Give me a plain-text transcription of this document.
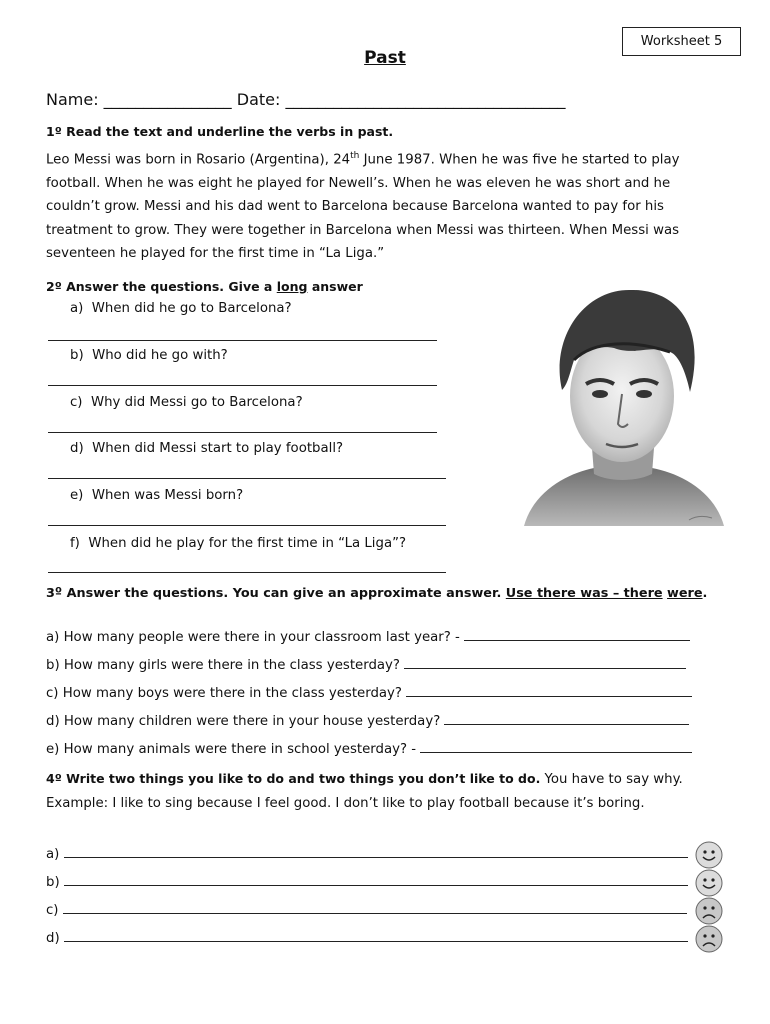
Worksheet 5
Past
Name: ________________ Date: ___________________________________
1º Read the text and underline the verbs in past.
Leo Messi was born in Rosario (Argentina), 24th June 1987. When he was five he started to play football. When he was eight he played for Newell’s. When he was eleven he was short and he couldn’t grow. Messi and his dad went to Barcelona because Barcelona wanted to pay for his treatment to grow. They were together in Barcelona when Messi was thirteen. When Messi was seventeen he played for the first time in “La Liga.”
2º Answer the questions. Give a long answer
a)  When did he go to Barcelona?
b)  Who did he go with?
c)  Why did Messi go to Barcelona?
d)  When did Messi start to play football?
e)  When was Messi born?
f)  When did he play for the first time in “La Liga”?
3º Answer the questions. You can give an approximate answer. Use there was – there were.
a) How many people were there in your classroom last year? -
b) How many girls were there in the class yesterday?
c) How many boys were there in the class yesterday?
d) How many children were there in your house yesterday?
e) How many animals were there in school yesterday? -
4º Write two things you like to do and two things you don’t like to do. You have to say why. Example: I like to sing because I feel good. I don’t like to play football because it’s boring.
a)
b)
c)
d)
